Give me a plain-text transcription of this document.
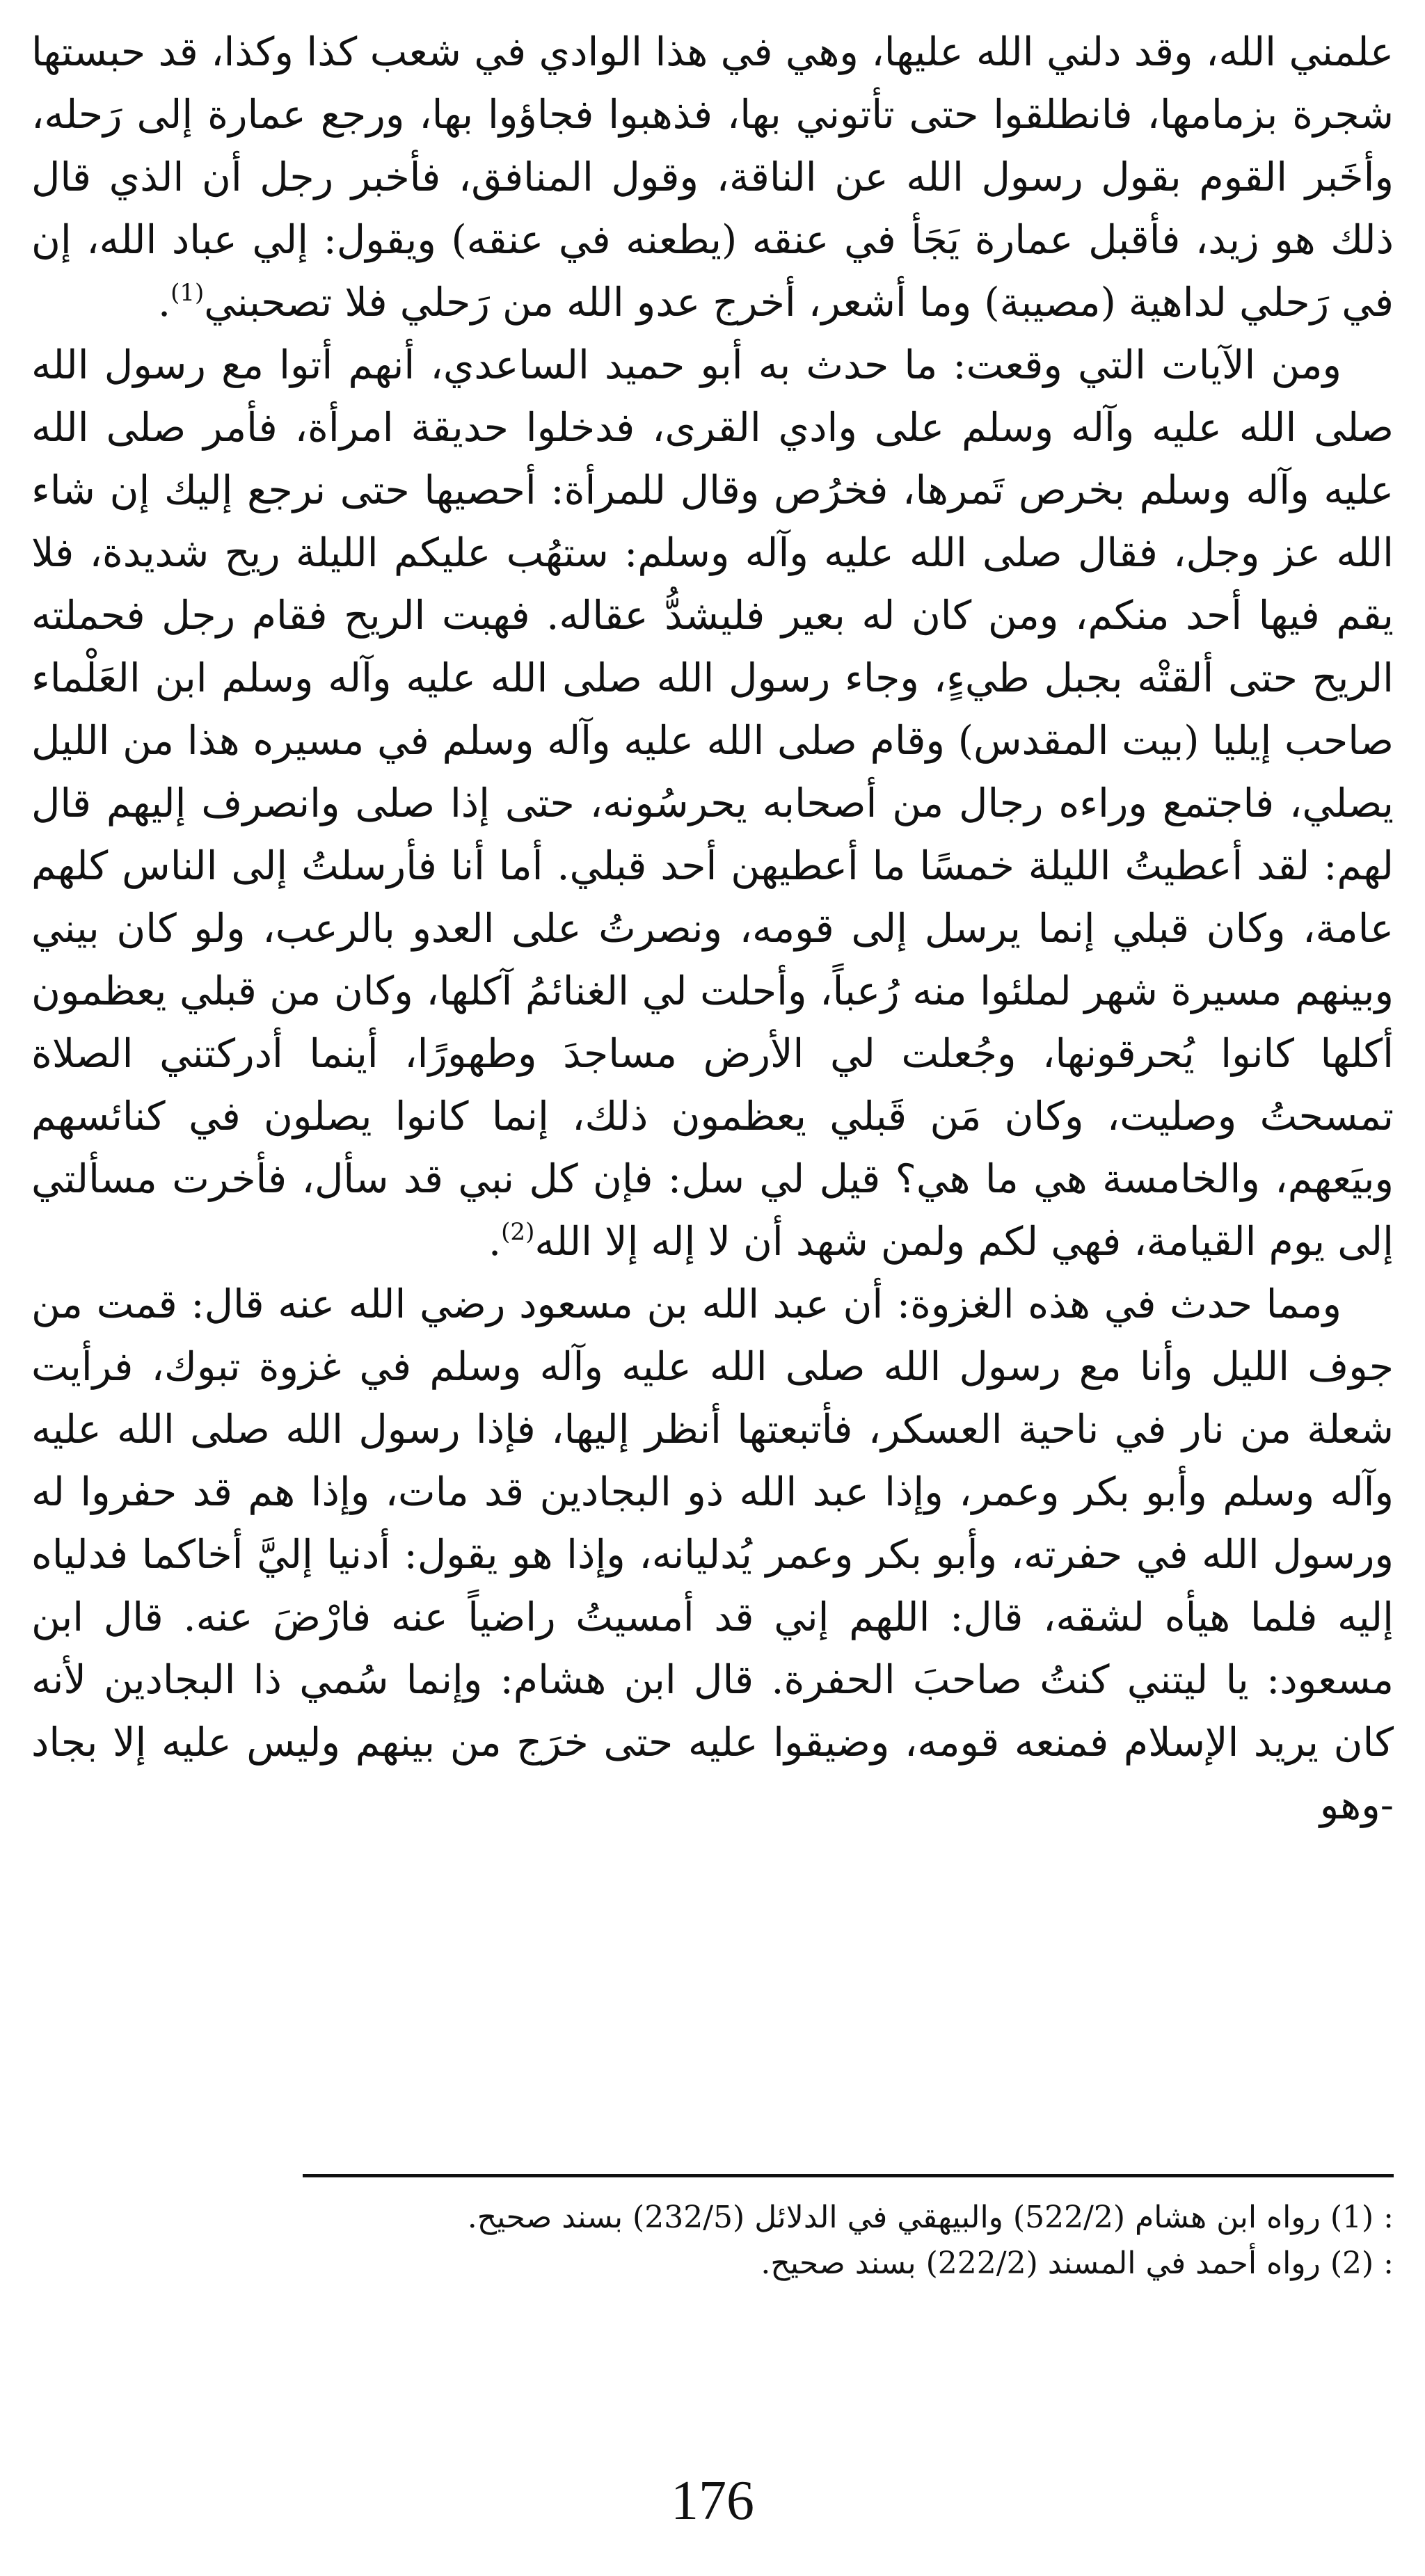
علمني الله، وقد دلني الله عليها، وهي في هذا الوادي في شعب كذا وكذا، قد حبستها شجرة بزمامها، فانطلقوا حتى تأتوني بها، فذهبوا فجاؤوا بها، ورجع عمارة إلى رَحله، وأخَبر القوم بقول رسول الله عن الناقة، وقول المنافق، فأخبر رجل أن الذي قال ذلك هو زيد، فأقبل عمارة يَجَأ في عنقه (يطعنه في عنقه) ويقول: إلي عباد الله، إن في رَحلي لداهية (مصيبة) وما أشعر، أخرج عدو الله من رَحلي فلا تصحبني$^{(1)}$.

ومن الآيات التي وقعت: ما حدث به أبو حميد الساعدي، أنهم أتوا مع رسول الله صلى الله عليه وآله وسلم على وادي القرى، فدخلوا حديقة امرأة، فأمر صلى الله عليه وآله وسلم بخرص تَمرها، فخرُص وقال للمرأة: أحصيها حتى نرجع إليك إن شاء الله عز وجل، فقال صلى الله عليه وآله وسلم: ستهُب عليكم الليلة ريح شديدة، فلا يقم فيها أحد منكم، ومن كان له بعير فليشدُّ عقاله. فهبت الريح فقام رجل فحملته الريح حتى ألقتْه بجبل طيءٍ، وجاء رسول الله صلى الله عليه وآله وسلم ابن العَلْماء صاحب إيليا (بيت المقدس) وقام صلى الله عليه وآله وسلم في مسيره هذا من الليل يصلي، فاجتمع وراءه رجال من أصحابه يحرسُونه، حتى إذا صلى وانصرف إليهم قال لهم: لقد أعطيتُ الليلة خمسًا ما أعطيهن أحد قبلي. أما أنا فأرسلتُ إلى الناس كلهم عامة، وكان قبلي إنما يرسل إلى قومه، ونصرتُ على العدو بالرعب، ولو كان بيني وبينهم مسيرة شهر لملئوا منه رُعباً، وأحلت لي الغنائمُ آكلها، وكان من قبلي يعظمون أكلها كانوا يُحرقونها، وجُعلت لي الأرض مساجدَ وطهورًا، أينما أدركتني الصلاة تمسحتُ وصليت، وكان مَن قَبلي يعظمون ذلك، إنما كانوا يصلون في كنائسهم وبيَعهم، والخامسة هي ما هي؟ قيل لي سل: فإن كل نبي قد سأل، فأخرت مسألتي إلى يوم القيامة، فهي لكم ولمن شهد أن لا إله إلا الله$^{(2)}$.

ومما حدث في هذه الغزوة: أن عبد الله بن مسعود رضي الله عنه قال: قمت من جوف الليل وأنا مع رسول الله صلى الله عليه وآله وسلم في غزوة تبوك، فرأيت شعلة من نار في ناحية العسكر، فأتبعتها أنظر إليها، فإذا رسول الله صلى الله عليه وآله وسلم وأبو بكر وعمر، وإذا عبد الله ذو البجادين قد مات، وإذا هم قد حفروا له ورسول الله في حفرته، وأبو بكر وعمر يُدليانه، وإذا هو يقول: أدنيا إليَّ أخاكما فدلياه إليه فلما هيأه لشقه، قال: اللهم إني قد أمسيتُ راضياً عنه فارْضَ عنه. قال ابن مسعود: يا ليتني كنتُ صاحبَ الحفرة. قال ابن هشام: وإنما سُمي ذا البجادين لأنه كان يريد الإسلام فمنعه قومه، وضيقوا عليه حتى خرَج من بينهم وليس عليه إلا بجاد -وهو

(1) : رواه ابن هشام (522/2) والبيهقي في الدلائل (232/5) بسند صحيح.

(2) : رواه أحمد في المسند (222/2) بسند صحيح.

176
